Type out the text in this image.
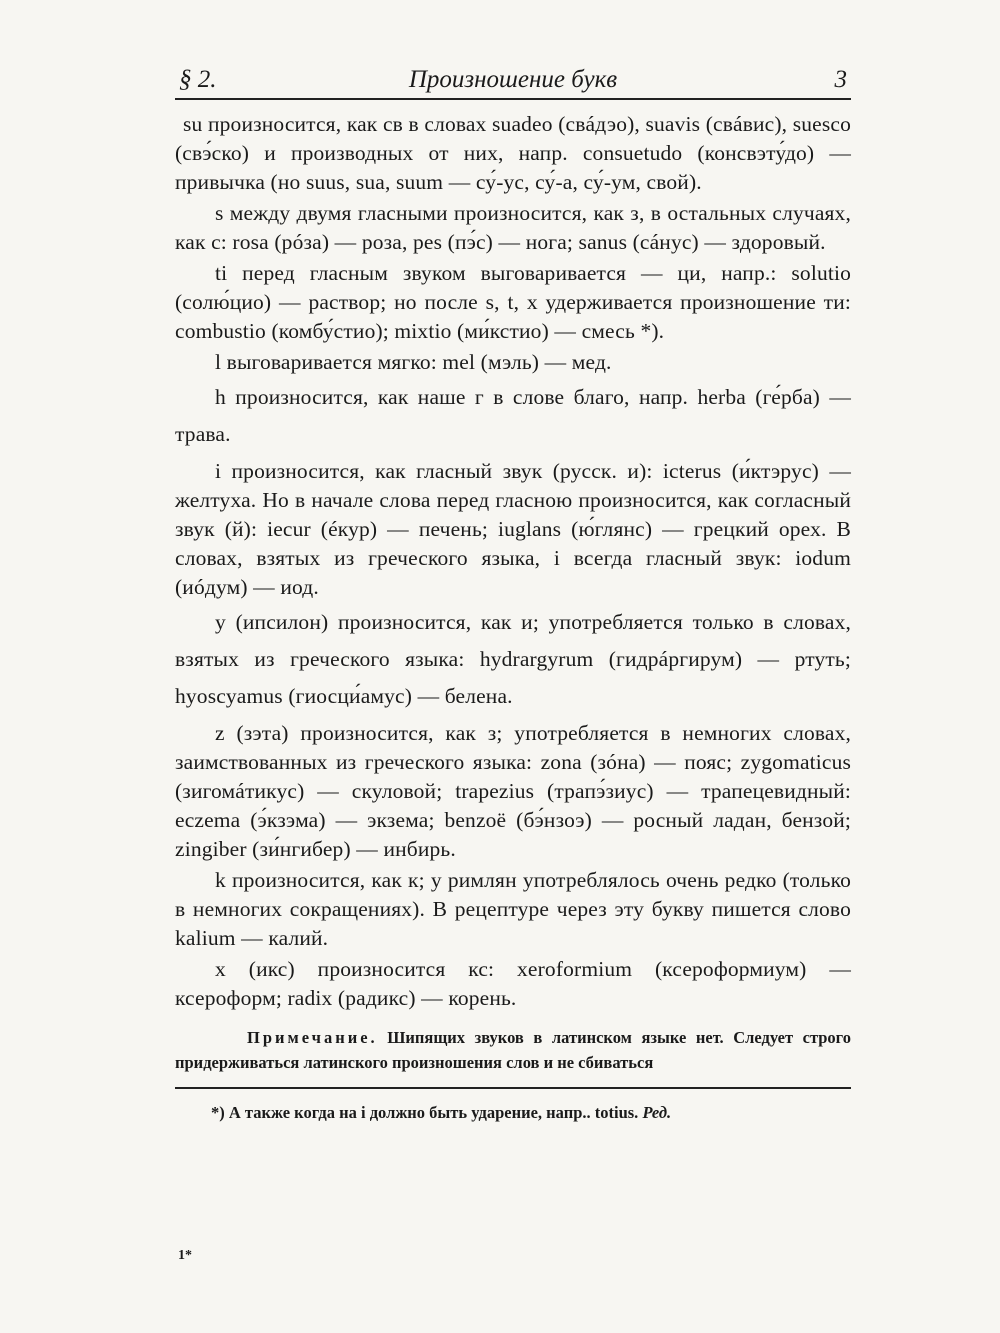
§ 2.	Произношение букв	3

su произносится, как св в словах suadeo (свáдэо), suavis (свáвис), suesco (свэ́ско) и производных от них, напр. consuetudo (консвэту́до) — привычка (но suus, sua, suum — су́-ус, су́-а, су́-ум, свой).

s между двумя гласными произносится, как з, в остальных случаях, как с: rosa (рóза) — роза, pes (пэ́с) — нога; sanus (сáнус) — здоровый.

ti перед гласным звуком выговаривается — ци, напр.: solutio (солю́цио) — раствор; но после s, t, x удерживается произношение ти: combustio (комбу́стио); mixtio (ми́кстио) — смесь *).

l выговаривается мягко: mel (мэль) — мед.

h произносится, как наше г в слове благо, напр. herba (ге́рба) — трава.

i произносится, как гласный звук (русск. и): icterus (и́ктэрус) — желтуха. Но в начале слова перед гласною произносится, как согласный звук (й): iecur (éкур) — печень; iuglans (ю́глянс) — грецкий орех. В словах, взятых из греческого языка, i всегда гласный звук: iodum (иóдум) — иод.

y (ипсилон) произносится, как и; употребляется только в словах, взятых из греческого языка: hydrargyrum (гидрáргирум) — ртуть; hyoscyamus (гиосци́амус) — белена.

z (зэта) произносится, как з; употребляется в немногих словах, заимствованных из греческого языка: zona (зóна) — пояс; zygomaticus (зигомáтикус) — скуловой; trapezius (трапэ́зиус) — трапецевидный: eczema (э́кзэма) — экзема; benzoë (бэ́нзоэ) — росный ладан, бензой; zingiber (зи́нгибер) — инбирь.

k произносится, как к; у римлян употреблялось очень редко (только в немногих сокращениях). В рецептуре через эту букву пишется слово kalium — калий.

x (икс) произносится кс: xeroformium (ксероформиум) — ксероформ; radix (радикс) — корень.

Примечание. Шипящих звуков в латинском языке нет. Следует строго придерживаться латинского произношения слов и не сбиваться
*) А также когда на i должно быть ударение, напр.. totius. Ред.
1*
